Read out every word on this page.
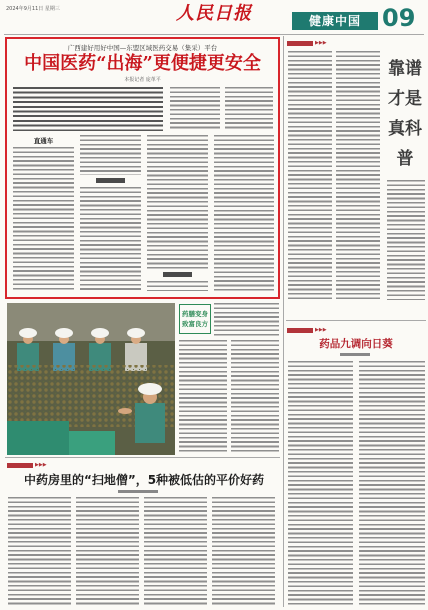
2024年9月11日 星期三	人民日报	健康中国 09
广西建好用好中国—东盟区域医药交易（集采）平台
中国医药“出海”更便捷更安全
本报记者 庞革平
直通车
药膳变身
致富良方
▶▶▶
中药房里的“扫地僧”，5种被低估的平价好药
▶▶▶
靠谱才是真科普
▶▶▶
药品九调向日葵
